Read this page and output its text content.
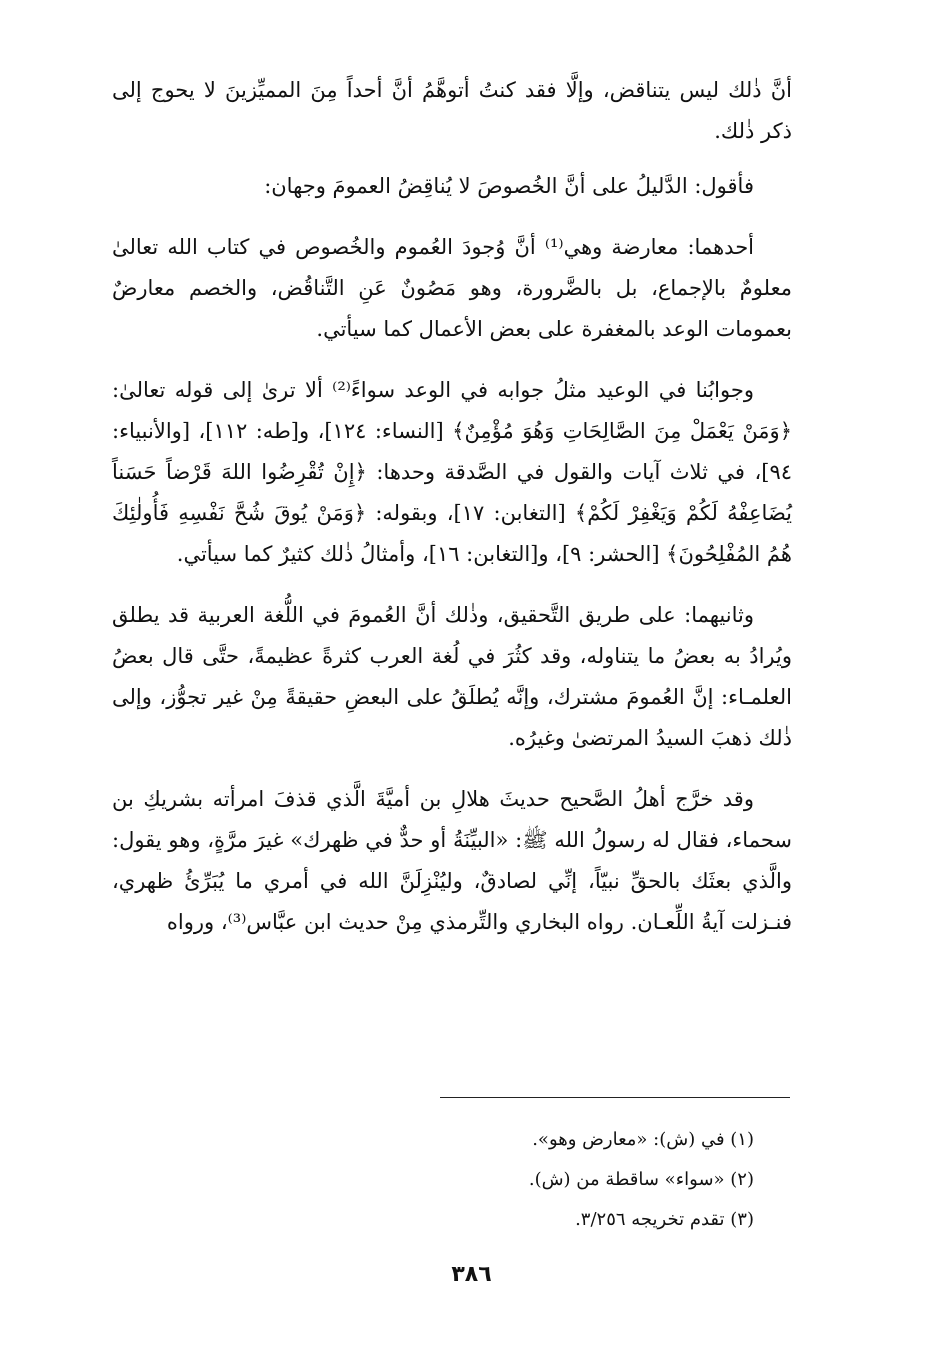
أنَّ ذٰلك ليس يتناقض، وإلَّا فقد كنتُ أتوهَّمُ أنَّ أحداً مِنَ المميِّزينَ لا يحوج إلى ذكر ذٰلك.

فأقول: الدَّليلُ على أنَّ الخُصوصَ لا يُناقِضُ العمومَ وجهان:

أحدهما: معارضة وهي⁽¹⁾ أنَّ وُجودَ العُموم والخُصوص في كتاب الله تعالىٰ معلومٌ بالإجماع، بل بالضَّرورة، وهو مَصُونٌ عَنِ التَّناقُض، والخصم معارضٌ بعمومات الوعد بالمغفرة على بعض الأعمال كما سيأتي.

وجوابُنا في الوعيد مثلُ جوابه في الوعد سواءً⁽²⁾ ألا ترىٰ إلى قوله تعالىٰ: ﴿وَمَنْ يَعْمَلْ مِنَ الصَّالِحَاتِ وَهُوَ مُؤْمِنٌ﴾ [النساء: ١٢٤]، و[طه: ١١٢]، [والأنبياء: ٩٤]، في ثلاث آيات والقول في الصَّدقة وحدها: ﴿إِنْ تُقْرِضُوا اللهَ قَرْضاً حَسَناً يُضَاعِفْهُ لَكُمْ وَيَغْفِرْ لَكُمْ﴾ [التغابن: ١٧]، وبقوله: ﴿وَمَنْ يُوقَ شُحَّ نَفْسِهِ فَأُولٰئِكَ هُمُ المُفْلِحُونَ﴾ [الحشر: ٩]، و[التغابن: ١٦]، وأمثالُ ذٰلك كثيرٌ كما سيأتي.

وثانيهما: على طريق التَّحقيق، وذٰلك أنَّ العُمومَ في اللُّغة العربية قد يطلق ويُرادُ به بعضُ ما يتناوله، وقد كثُرَ في لُغة العرب كثرةً عظيمةً، حتَّى قال بعضُ العلمـاء: إنَّ العُمومَ مشترك، وإنَّه يُطلَقُ على البعضِ حقيقةً مِنْ غير تجوُّز، وإلى ذٰلك ذهبَ السيدُ المرتضىٰ وغيرُه.

وقد خرَّج أهلُ الصَّحيح حديثَ هلالِ بن أميَّةَ الَّذي قذفَ امرأته بشريكِ بن سحماء، فقال له رسولُ الله ﷺ: «البيِّنَةُ أو حدٌّ في ظهرك» غيرَ مرَّةٍ، وهو يقول: والَّذي بعثَك بالحقِّ نبيّاً، إنِّي لصادقٌ، وليُنْزِلَنَّ الله في أمري ما يُبَرِّئُ ظهري، فنـزلت آيةُ اللِّعـان. رواه البخاري والتِّرمذي مِنْ حديث ابن عبَّاس⁽³⁾، ورواه

(١) في (ش): «معارض وهو».
(٢) «سواء» ساقطة من (ش).
(٣) تقدم تخريجه ٣/٢٥٦.
٣٨٦
